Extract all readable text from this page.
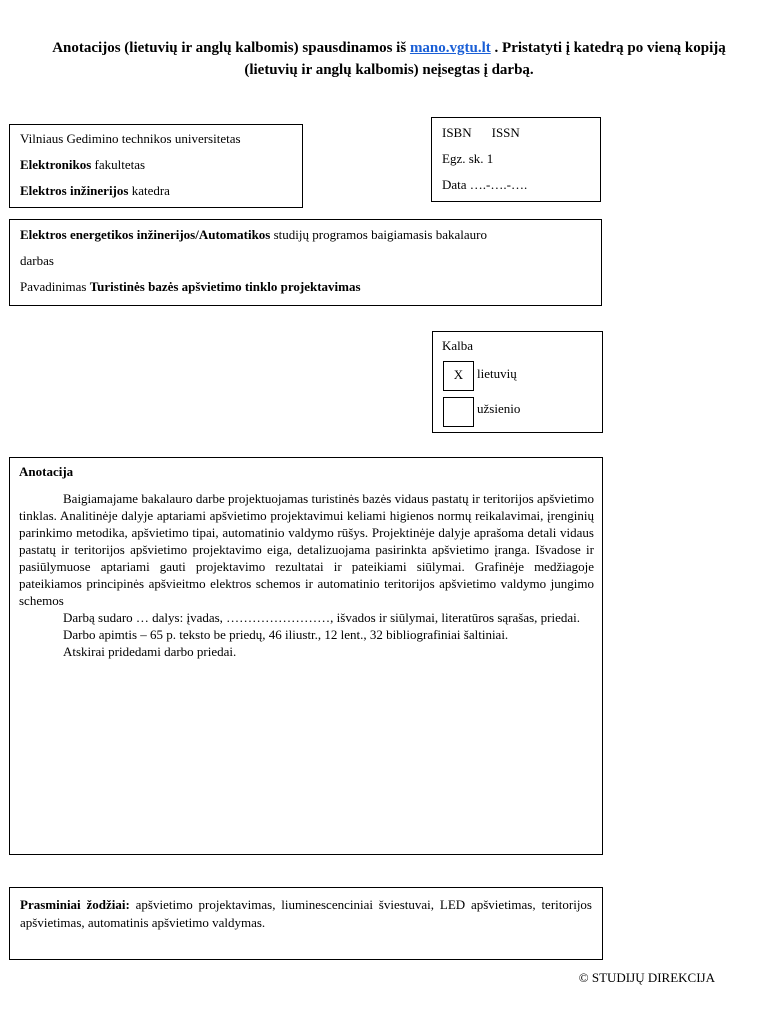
Anotacijos (lietuvių ir anglų kalbomis) spausdinamos iš mano.vgtu.lt . Pristatyti į katedrą po vieną kopiją (lietuvių ir anglų kalbomis) neįsegtas į darbą.
Vilniaus Gedimino technikos universitetas
Elektronikos fakultetas
Elektros inžinerijos katedra
ISBN ISSN
Egz. sk. 1
Data ….-….-….
Elektros energetikos inžinerijos/Automatikos studijų programos baigiamasis bakalauro
darbas
Pavadinimas Turistinės bazės apšvietimo tinklo projektavimas
Kalba
X	lietuvių
užsienio
Anotacija

Baigiamajame bakalauro darbe projektuojamas turistinės bazės vidaus pastatų ir teritorijos apšvietimo tinklas. Analitinėje dalyje aptariami apšvietimo projektavimui keliami higienos normų reikalavimai, įrenginių parinkimo metodika, apšvietimo tipai, automatinio valdymo rūšys. Projektinėje dalyje aprašoma detali vidaus pastatų ir teritorijos apšvietimo projektavimo eiga, detalizuojama pasirinkta apšvietimo įranga. Išvadose ir pasiūlymuose aptariami gauti projektavimo rezultatai ir pateikiami siūlymai. Grafinėje medžiagoje pateikiamos principinės apšvieitmo elektros schemos ir automatinio teritorijos apšvietimo valdymo jungimo schemos

Darbą sudaro … dalys: įvadas, ……………………, išvados ir siūlymai, literatūros sąrašas, priedai.

Darbo apimtis – 65 p. teksto be priedų, 46 iliustr., 12 lent., 32 bibliografiniai šaltiniai.

Atskirai pridedami darbo priedai.

Prasminiai žodžiai: apšvietimo projektavimas, liuminescenciniai šviestuvai, LED apšvietimas, teritorijos apšvietimas, automatinis apšvietimo valdymas.
© STUDIJŲ DIREKCIJA
